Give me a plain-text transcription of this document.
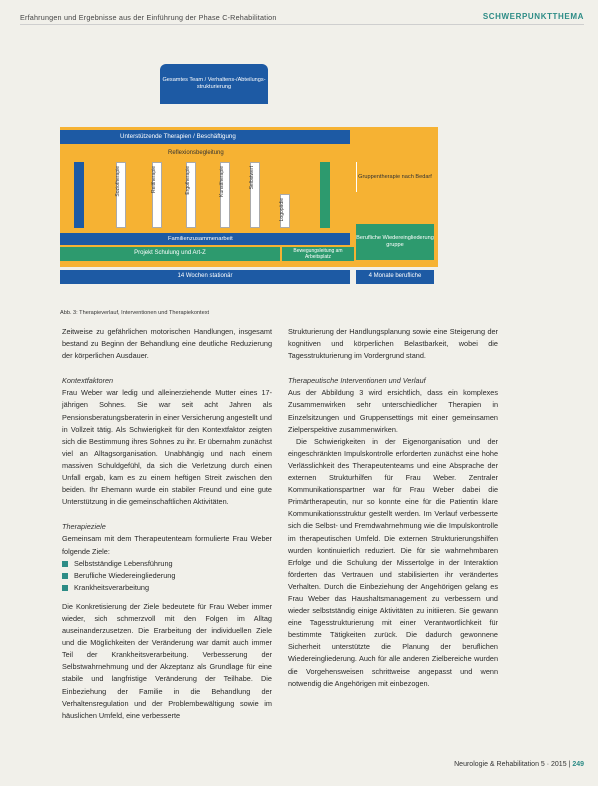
Erfahrungen und Ergebnisse aus der Einführung der Phase C-Rehabilitation	SCHWERPUNKTTHEMA
Gesamtes Team / Verhaltens-/Abteilungs-strukturierung
Unterstützende Therapien / Beschäftigung
Reflexionsbegleitung
Gruppentherapie nach Bedarf
Soziotherapie	Reittherapie	Ergotherapie	Kunsttherapie	Selbstwert
Logopädie
Familienzusammenarbeit
Projekt Schulung und Art-Z	Bewegungsleitung am Arbeitsplatz
Berufliche Wiedereingliederung gruppe
14 Wochen stationär	4 Monate berufliche
Abb. 3: Therapieverlauf, Interventionen und Therapiekontext

Zeitweise zu gefährlichen motorischen Handlungen, insgesamt bestand zu Beginn der Behandlung eine deutliche Reduzierung der körperlichen Ausdauer.

Kontextfaktoren

Frau Weber war ledig und alleinerziehende Mutter eines 17-jährigen Sohnes. Sie war seit acht Jahren als Pensionsberatungsberaterin in einer Versicherung angestellt und in Vollzeit tätig. Als Schwierigkeit für den Kontextfaktor zeigten sich die Bestimmung ihres Sohnes zu ihr. Er übernahm zunächst viel an Alltagsorganisation. Unabhängig und nach einem massiven Schuldgefühl, da sich die Verletzung durch einen Unfall ergab, kam es zu einem heftigen Streit zwischen den beiden. Ihr Ehemann wurde ein stabiler Freund und eine gute Unterstützung in die gemeinschaftlichen Aktivitäten.

Therapieziele

Gemeinsam mit dem Therapeutenteam formulierte Frau Weber folgende Ziele:

Selbstständige Lebensführung
Berufliche Wiedereingliederung
Krankheitsverarbeitung

Die Konkretisierung der Ziele bedeutete für Frau Weber immer wieder, sich schmerzvoll mit den Folgen im Alltag auseinanderzusetzen. Die Erarbeitung der individuellen Ziele und die Möglichkeiten der Veränderung war damit auch immer Teil der Krankheitsverarbeitung. Verbesserung der Selbstwahrnehmung und der Akzeptanz als Grundlage für eine stabile und langfristige Veränderung der Teilhabe. Die Einbeziehung der Familie in die Behandlung der Verhaltensregulation und der Problembewältigung sowie im häuslichen Umfeld, eine verbesserte

Strukturierung der Handlungsplanung sowie eine Steigerung der kognitiven und körperlichen Belastbarkeit, wobei die Tagesstrukturierung im Vordergrund stand.

Therapeutische Interventionen und Verlauf

Aus der Abbildung 3 wird ersichtlich, dass ein komplexes Zusammenwirken sehr unterschiedlicher Therapien in Einzelsitzungen und Gruppensettings mit einer gemeinsamen Zielperspektive zusammenwirken.

Die Schwierigkeiten in der Eigenorganisation und der eingeschränkten Impulskontrolle erforderten zunächst eine hohe Verlässlichkeit des Therapeutenteams und eine Absprache der externen Strukturhilfen für Frau Weber. Zentraler Kommunikationspartner war für Frau Weber dabei die Primärtherapeutin, nur so konnte eine für die Patientin klare Kommunikationsstruktur gestellt werden. Im Verlauf verbesserte sich die Selbst- und Fremdwahrnehmung wie die Impulskontrolle im therapeutischen Umfeld. Die externen Strukturierungshilfen wurden kontinuierlich reduziert. Die für sie wahrnehmbaren Erfolge und die Schulung der Missertolge in der Interaktion förderten das Vertrauen und stabilisierten ihr verändertes Verhalten. Durch die Einbeziehung der Angehörigen gelang es Frau Weber das Haushaltsmanagement zu verbessern und wieder selbstständig einige Aktivitäten zu initiieren. Sie gewann eine Tagesstrukturierung mit einer Verantwortlichkeit für bestimmte Tätigkeiten zurück. Die dadurch gewonnene Sicherheit unterstützte die Planung der beruflichen Wiedereingliederung. Auch für alle anderen Zielbereiche wurden die Vorgehensweisen schrittweise angepasst und wenn notwendig die Angehörigen mit einbezogen.

Neurologie & Rehabilitation 5 · 2015 | 249
